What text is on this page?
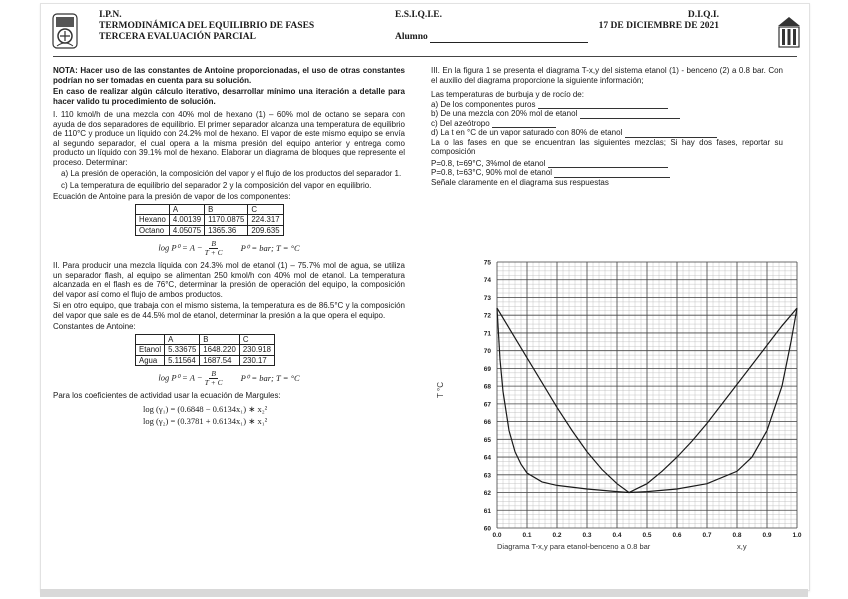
I.P.N.
TERMODINÁMICA DEL EQUILIBRIO DE FASES
TERCERA EVALUACIÓN PARCIAL
E.S.I.Q.I.E.
Alumno
D.I.Q.I.
17 DE DICIEMBRE DE 2021

NOTA: Hacer uso de las constantes de Antoine proporcionadas, el uso de otras constantes podrían no ser tomadas en cuenta para su solución.

En caso de realizar algún cálculo iterativo, desarrollar mínimo una iteración a detalle para hacer valido tu procedimiento de solución.

I. 110 kmol/h de una mezcla con 40% mol de hexano (1) – 60% mol de octano se separa con ayuda de dos separadores de equilibrio. El primer separador alcanza una temperatura de equilibrio de 110°C y produce un líquido con 24.2% mol de hexano. El vapor de este mismo equipo se envía al segundo separador, el cual opera a la misma presión del equipo anterior y entrega como producto un líquido con 39.1% mol de hexano. Elaborar un diagrama de bloques que represente el proceso. Determinar:

a) La presión de operación, la composición del vapor y el flujo de los productos del separador 1.

c) La temperatura de equilibrio del separador 2 y la composición del vapor en equilibrio.

Ecuación de Antoine para la presión de vapor de los componentes:

	A	B	C
Hexano	4.00139	1170.0875	224.317
Octano	4.05075	1365.36	209.635
$\log P^0 = A - \frac{B}{T + C} P^0$ = bar; T = °C

II. Para producir una mezcla líquida con 24.3% mol de etanol (1) – 75.7% mol de agua, se utiliza un separador flash, al equipo se alimentan 250 kmol/h con 40% mol de etanol. La temperatura alcanzada en el flash es de 76°C, determinar la presión de operación del equipo, la composición del vapor así como el flujo de ambos productos.

Si en otro equipo, que trabaja con el mismo sistema, la temperatura es de 86.5°C y la composición del vapor que sale es de 44.5% mol de etanol, determinar la presión a la que opera el equipo.

Constantes de Antoine:

	A	B	C
Etanol	5.33675	1648.220	230.918
Agua	5.11564	1687.54	230.17
$\log P^0 = A - \frac{B}{T + C} P^0$ = bar; T = °C

Para los coeficientes de actividad usar la ecuación de Margules:

log (γ₁) = (0.6848 − 0.6134x₁) ∗ x₂²
log (γ₂) = (0.3781 + 0.6134x₁) ∗ x₁²

III. En la figura 1 se presenta el diagrama T-x,y del sistema etanol (1) - benceno (2) a 0.8 bar. Con el auxilio del diagrama proporcione la siguiente información;

Las temperaturas de burbuja y de rocío de:
a) De los componentes puros
b) De una mezcla con 20% mol de etanol
c) Del azeótropo
d) La t en °C de un vapor saturado con 80% de etanol

La o las fases en que se encuentran las siguientes mezclas; Si hay dos fases, reportar su composición

P=0.8, t=69°C, 3%mol de etanol
P=0.8, t=63°C, 90% mol de etanol
Señale claramente en el diagrama sus respuestas
60
61
62
63
64
65
66
67
68
69
70
71
72
73
74
75
0.0	0.1	0.2	0.3	0.4	0.5	0.6	0.7	0.8	0.9	1.0
T °C
Diagrama T-x,y para etanol-benceno a 0.8 bar	x,y
